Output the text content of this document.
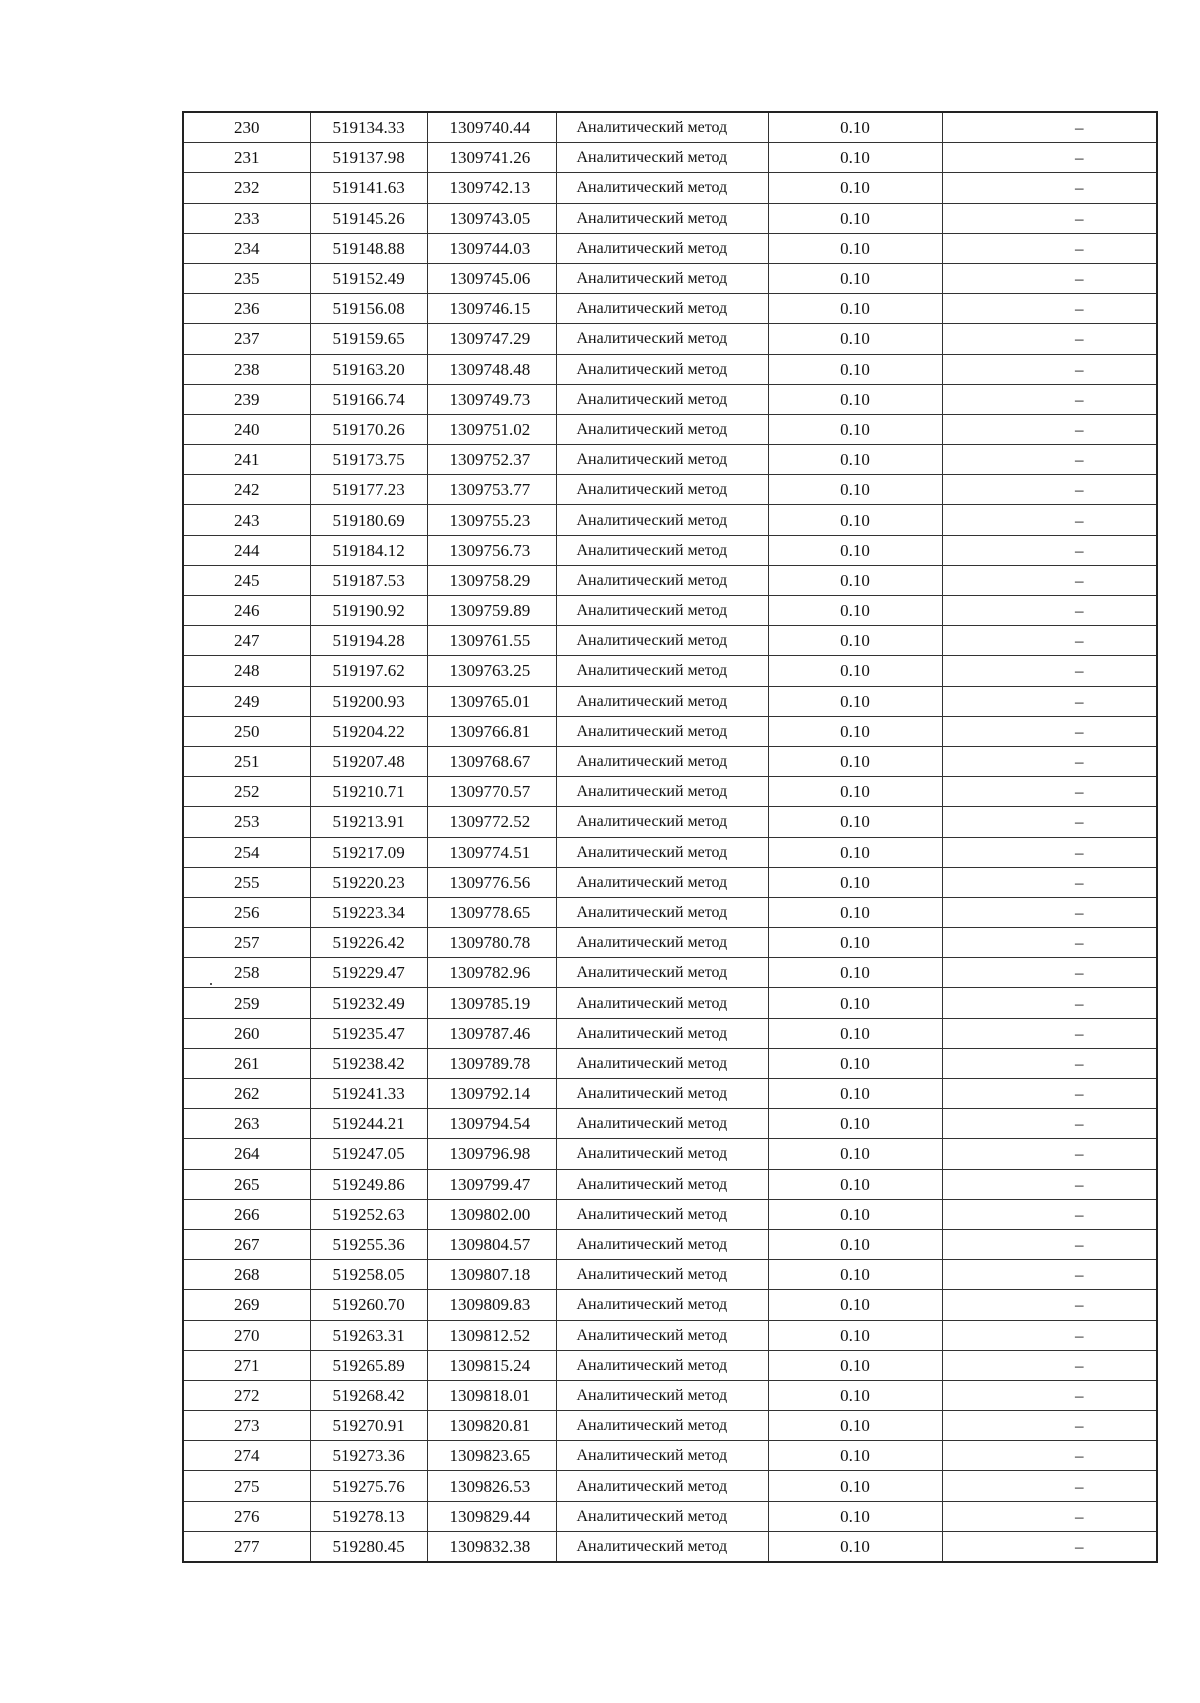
230	519134.33	1309740.44	Аналитический метод	0.10	–
231	519137.98	1309741.26	Аналитический метод	0.10	–
232	519141.63	1309742.13	Аналитический метод	0.10	–
233	519145.26	1309743.05	Аналитический метод	0.10	–
234	519148.88	1309744.03	Аналитический метод	0.10	–
235	519152.49	1309745.06	Аналитический метод	0.10	–
236	519156.08	1309746.15	Аналитический метод	0.10	–
237	519159.65	1309747.29	Аналитический метод	0.10	–
238	519163.20	1309748.48	Аналитический метод	0.10	–
239	519166.74	1309749.73	Аналитический метод	0.10	–
240	519170.26	1309751.02	Аналитический метод	0.10	–
241	519173.75	1309752.37	Аналитический метод	0.10	–
242	519177.23	1309753.77	Аналитический метод	0.10	–
243	519180.69	1309755.23	Аналитический метод	0.10	–
244	519184.12	1309756.73	Аналитический метод	0.10	–
245	519187.53	1309758.29	Аналитический метод	0.10	–
246	519190.92	1309759.89	Аналитический метод	0.10	–
247	519194.28	1309761.55	Аналитический метод	0.10	–
248	519197.62	1309763.25	Аналитический метод	0.10	–
249	519200.93	1309765.01	Аналитический метод	0.10	–
250	519204.22	1309766.81	Аналитический метод	0.10	–
251	519207.48	1309768.67	Аналитический метод	0.10	–
252	519210.71	1309770.57	Аналитический метод	0.10	–
253	519213.91	1309772.52	Аналитический метод	0.10	–
254	519217.09	1309774.51	Аналитический метод	0.10	–
255	519220.23	1309776.56	Аналитический метод	0.10	–
256	519223.34	1309778.65	Аналитический метод	0.10	–
257	519226.42	1309780.78	Аналитический метод	0.10	–
258	519229.47	1309782.96	Аналитический метод	0.10	–
259	519232.49	1309785.19	Аналитический метод	0.10	–
260	519235.47	1309787.46	Аналитический метод	0.10	–
261	519238.42	1309789.78	Аналитический метод	0.10	–
262	519241.33	1309792.14	Аналитический метод	0.10	–
263	519244.21	1309794.54	Аналитический метод	0.10	–
264	519247.05	1309796.98	Аналитический метод	0.10	–
265	519249.86	1309799.47	Аналитический метод	0.10	–
266	519252.63	1309802.00	Аналитический метод	0.10	–
267	519255.36	1309804.57	Аналитический метод	0.10	–
268	519258.05	1309807.18	Аналитический метод	0.10	–
269	519260.70	1309809.83	Аналитический метод	0.10	–
270	519263.31	1309812.52	Аналитический метод	0.10	–
271	519265.89	1309815.24	Аналитический метод	0.10	–
272	519268.42	1309818.01	Аналитический метод	0.10	–
273	519270.91	1309820.81	Аналитический метод	0.10	–
274	519273.36	1309823.65	Аналитический метод	0.10	–
275	519275.76	1309826.53	Аналитический метод	0.10	–
276	519278.13	1309829.44	Аналитический метод	0.10	–
277	519280.45	1309832.38	Аналитический метод	0.10	–
